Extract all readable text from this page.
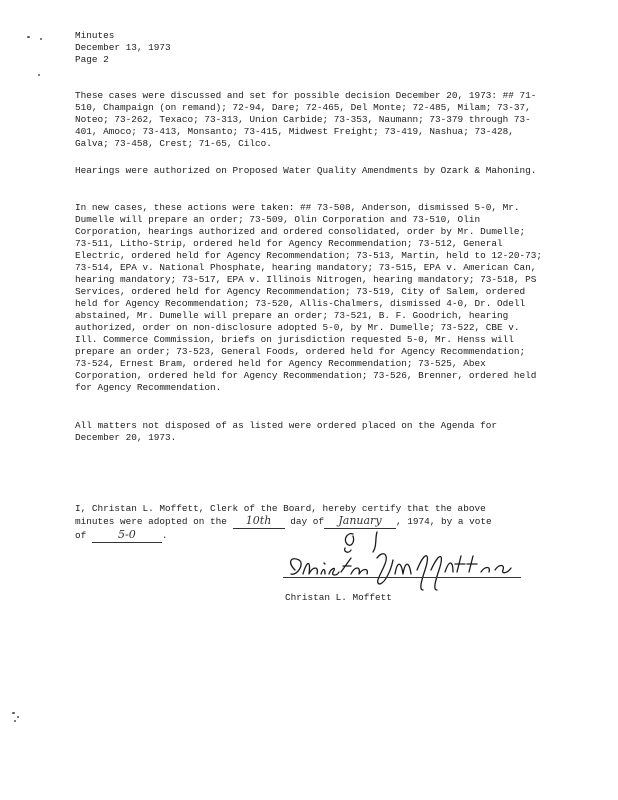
Minutes
December 13, 1973
Page 2
These cases were discussed and set for possible decision December 20, 1973: ## 71-510, Champaign (on remand); 72-94, Dare; 72-465, Del Monte; 72-485, Milam; 73-37, Noteo; 73-262, Texaco; 73-313, Union Carbide; 73-353, Naumann; 73-379 through 73-401, Amoco; 73-413, Monsanto; 73-415, Midwest Freight; 73-419, Nashua; 73-428, Galva; 73-458, Crest; 71-65, Cilco.
Hearings were authorized on Proposed Water Quality Amendments by Ozark & Mahoning.
In new cases, these actions were taken: ## 73-508, Anderson, dismissed 5-0, Mr. Dumelle will prepare an order; 73-509, Olin Corporation and 73-510, Olin Corporation, hearings authorized and ordered consolidated, order by Mr. Dumelle; 73-511, Litho-Strip, ordered held for Agency Recommendation; 73-512, General Electric, ordered held for Agency Recommendation; 73-513, Martin, held to 12-20-73; 73-514, EPA v. National Phosphate, hearing mandatory; 73-515, EPA v. American Can, hearing mandatory; 73-517, EPA v. Illinois Nitrogen, hearing mandatory; 73-518, PS Services, ordered held for Agency Recommendation; 73-519, City of Salem, ordered held for Agency Recommendation; 73-520, Allis-Chalmers, dismissed 4-0, Dr. Odell abstained, Mr. Dumelle will prepare an order; 73-521, B. F. Goodrich, hearing authorized, order on non-disclosure adopted 5-0, by Mr. Dumelle; 73-522, CBE v. Ill. Commerce Commission, briefs on jurisdiction requested 5-0, Mr. Henss will prepare an order; 73-523, General Foods, ordered held for Agency Recommendation; 73-524, Ernest Bram, ordered held for Agency Recommendation; 73-525, Abex Corporation, ordered held for Agency Recommendation; 73-526, Brenner, ordered held for Agency Recommendation.
All matters not disposed of as listed were ordered placed on the Agenda for December 20, 1973.
I, Christan L. Moffett, Clerk of the Board, hereby certify that the above
minutes were adopted on the 10th day of January , 1974, by a vote
of	5-0	.
Christan L. Moffett
